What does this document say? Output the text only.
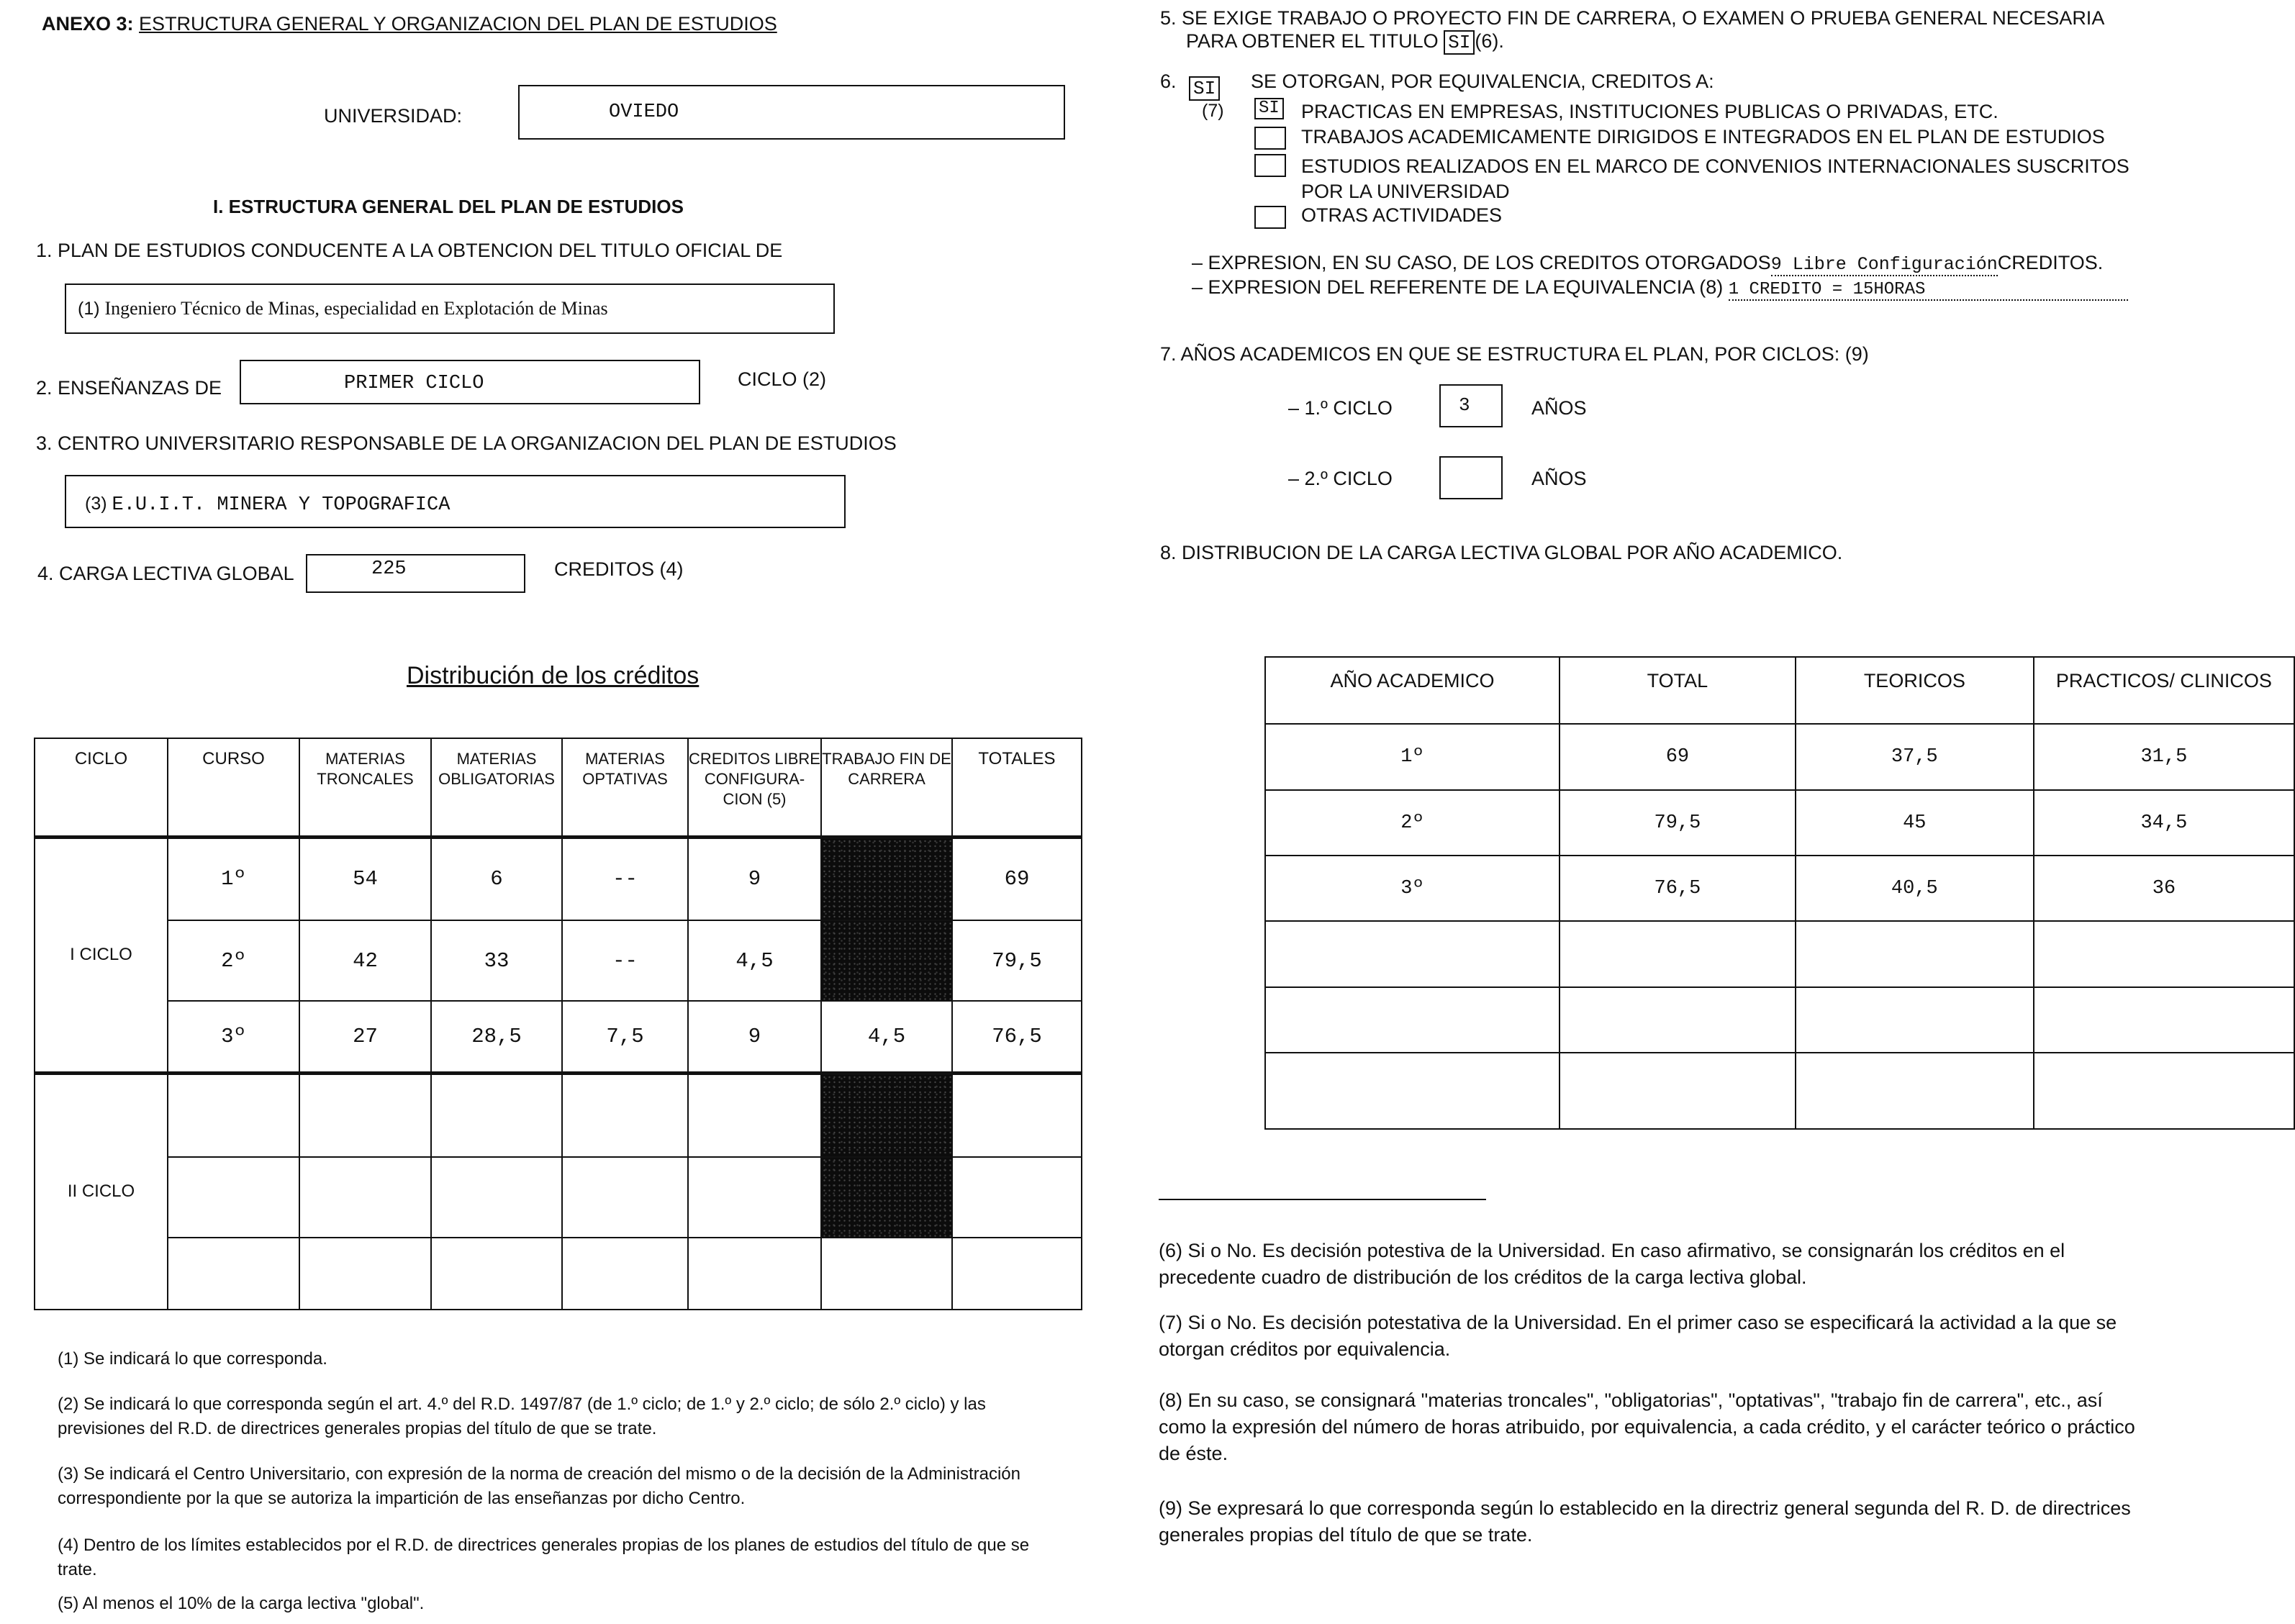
ANEXO 3: ESTRUCTURA GENERAL Y ORGANIZACION DEL PLAN DE ESTUDIOS
UNIVERSIDAD:	OVIEDO
I. ESTRUCTURA GENERAL DEL PLAN DE ESTUDIOS
1. PLAN DE ESTUDIOS CONDUCENTE A LA OBTENCION DEL TITULO OFICIAL DE
(1) Ingeniero Técnico de Minas, especialidad en Explotación de Minas
2. ENSEÑANZAS DE	PRIMER CICLO	CICLO (2)
3. CENTRO UNIVERSITARIO RESPONSABLE DE LA ORGANIZACION DEL PLAN DE ESTUDIOS
(3) E.U.I.T. MINERA Y TOPOGRAFICA
4. CARGA LECTIVA GLOBAL	225	CREDITOS (4)
Distribución de los créditos
CICLO	CURSO	MATERIAS TRONCALES	MATERIAS OBLIGATORIAS	MATERIAS OPTATIVAS	CREDITOS LIBRE CONFIGURA- CION (5)	TRABAJO FIN DE CARRERA	TOTALES
I CICLO	1º	54	6	--	9		69
	2º	42	33	--	4,5		79,5
	3º	27	28,5	7,5	9	4,5	76,5
II CICLO							

(1) Se indicará lo que corresponda.
(2) Se indicará lo que corresponda según el art. 4.º del R.D. 1497/87 (de 1.º ciclo; de 1.º y 2.º ciclo; de sólo 2.º ciclo) y las previsiones del R.D. de directrices generales propias del título de que se trate.
(3) Se indicará el Centro Universitario, con expresión de la norma de creación del mismo o de la decisión de la Administración correspondiente por la que se autoriza la impartición de las enseñanzas por dicho Centro.
(4) Dentro de los límites establecidos por el R.D. de directrices generales propias de los planes de estudios del título de que se trate.
(5) Al menos el 10% de la carga lectiva "global".
5. SE EXIGE TRABAJO O PROYECTO FIN DE CARRERA, O EXAMEN O PRUEBA GENERAL NECESARIA
PARA OBTENER EL TITULO SI (6).
6. SI
(7)
SE OTORGAN, POR EQUIVALENCIA, CREDITOS A:
SI PRACTICAS EN EMPRESAS, INSTITUCIONES PUBLICAS O PRIVADAS, ETC.
TRABAJOS ACADEMICAMENTE DIRIGIDOS E INTEGRADOS EN EL PLAN DE ESTUDIOS
ESTUDIOS REALIZADOS EN EL MARCO DE CONVENIOS INTERNACIONALES SUSCRITOS POR LA UNIVERSIDAD
OTRAS ACTIVIDADES
– EXPRESION, EN SU CASO, DE LOS CREDITOS OTORGADOS9 Libre ConfiguraciónCREDITOS.
– EXPRESION DEL REFERENTE DE LA EQUIVALENCIA (8) 1 CREDITO = 15HORAS
7. AÑOS ACADEMICOS EN QUE SE ESTRUCTURA EL PLAN, POR CICLOS: (9)
– 1.º CICLO	3	AÑOS
– 2.º CICLO	AÑOS
8. DISTRIBUCION DE LA CARGA LECTIVA GLOBAL POR AÑO ACADEMICO.
AÑO ACADEMICO	TOTAL	TEORICOS	PRACTICOS/ CLINICOS
1º	69	37,5	31,5
2º	79,5	45	34,5
3º	76,5	40,5	36

(6) Si o No. Es decisión potestiva de la Universidad. En caso afirmativo, se consignarán los créditos en el precedente cuadro de distribución de los créditos de la carga lectiva global.
(7) Si o No. Es decisión potestativa de la Universidad. En el primer caso se especificará la actividad a la que se otorgan créditos por equivalencia.
(8) En su caso, se consignará "materias troncales", "obligatorias", "optativas", "trabajo fin de carrera", etc., así como la expresión del número de horas atribuido, por equivalencia, a cada crédito, y el carácter teórico o práctico de éste.
(9) Se expresará lo que corresponda según lo establecido en la directriz general segunda del R. D. de directrices generales propias del título de que se trate.
